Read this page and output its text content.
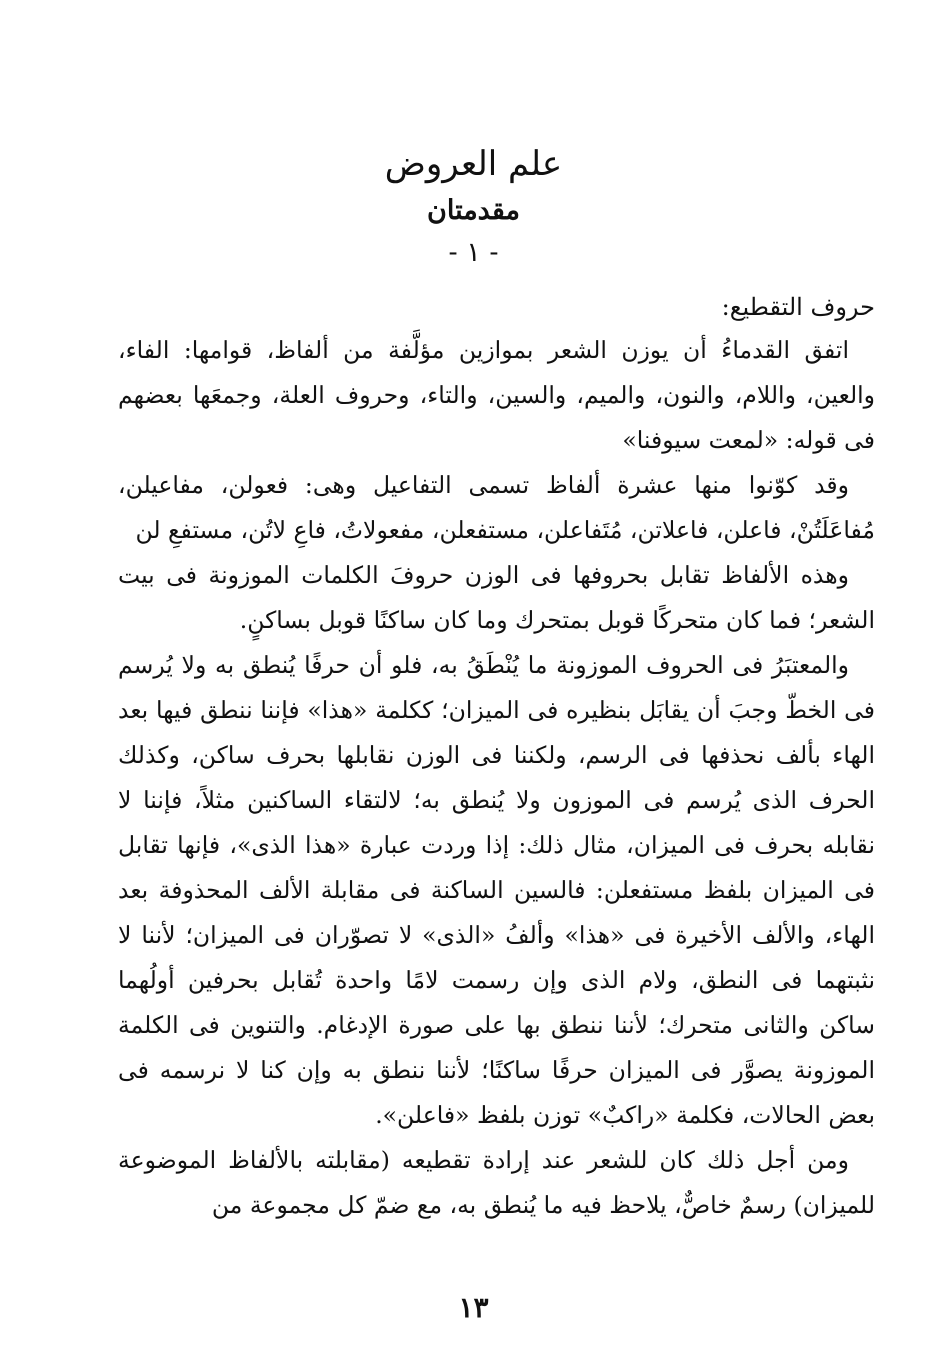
علم العروض
مقدمتان
- ١ -
حروف التقطيع:

اتفق القدماءُ أن يوزن الشعر بموازين مؤلَّفة من ألفاظ، قوامها: الفاء، والعين، واللام، والنون، والميم، والسين، والتاء، وحروف العلة، وجمعَها بعضهم فى قوله: «لمعت سيوفنا»

وقد كوّنوا منها عشرة ألفاظ تسمى التفاعيل وهى: فعولن، مفاعيلن، مُفاعَلَتُنْ، فاعلن، فاعلاتن، مُتَفاعلن، مستفعلن، مفعولاتُ، فاعِ لاتُن، مستفعِ لن

وهذه الألفاظ تقابل بحروفها فى الوزن حروفَ الكلمات الموزونة فى بيت الشعر؛ فما كان متحركًا قوبل بمتحرك وما كان ساكنًا قوبل بساكنٍ.

والمعتبَرُ فى الحروف الموزونة ما يُنْطَقُ به، فلو أن حرفًا يُنطق به ولا يُرسم فى الخطّ وجبَ أن يقابَل بنظيره فى الميزان؛ ككلمة «هذا» فإننا ننطق فيها بعد الهاء بألف نحذفها فى الرسم، ولكننا فى الوزن نقابلها بحرف ساكن، وكذلك الحرف الذى يُرسم فى الموزون ولا يُنطق به؛ لالتقاء الساكنين مثلاً، فإننا لا نقابله بحرف فى الميزان، مثال ذلك: إذا وردت عبارة «هذا الذى»، فإنها تقابل فى الميزان بلفظ مستفعلن: فالسين الساكنة فى مقابلة الألف المحذوفة بعد الهاء، والألف الأخيرة فى «هذا» وألفُ «الذى» لا تصوّران فى الميزان؛ لأننا لا نثبتهما فى النطق، ولام الذى وإن رسمت لامًا واحدة تُقابل بحرفين أولُهما ساكن والثانى متحرك؛ لأننا ننطق بها على صورة الإدغام. والتنوين فى الكلمة الموزونة يصوَّر فى الميزان حرفًا ساكنًا؛ لأننا ننطق به وإن كنا لا نرسمه فى بعض الحالات، فكلمة «راكبٌ» توزن بلفظ «فاعلن».

ومن أجل ذلك كان للشعر عند إرادة تقطيعه (مقابلته بالألفاظ الموضوعة للميزان) رسمٌ خاصٌّ، يلاحظ فيه ما يُنطق به، مع ضمّ كل مجموعة من

١٣
